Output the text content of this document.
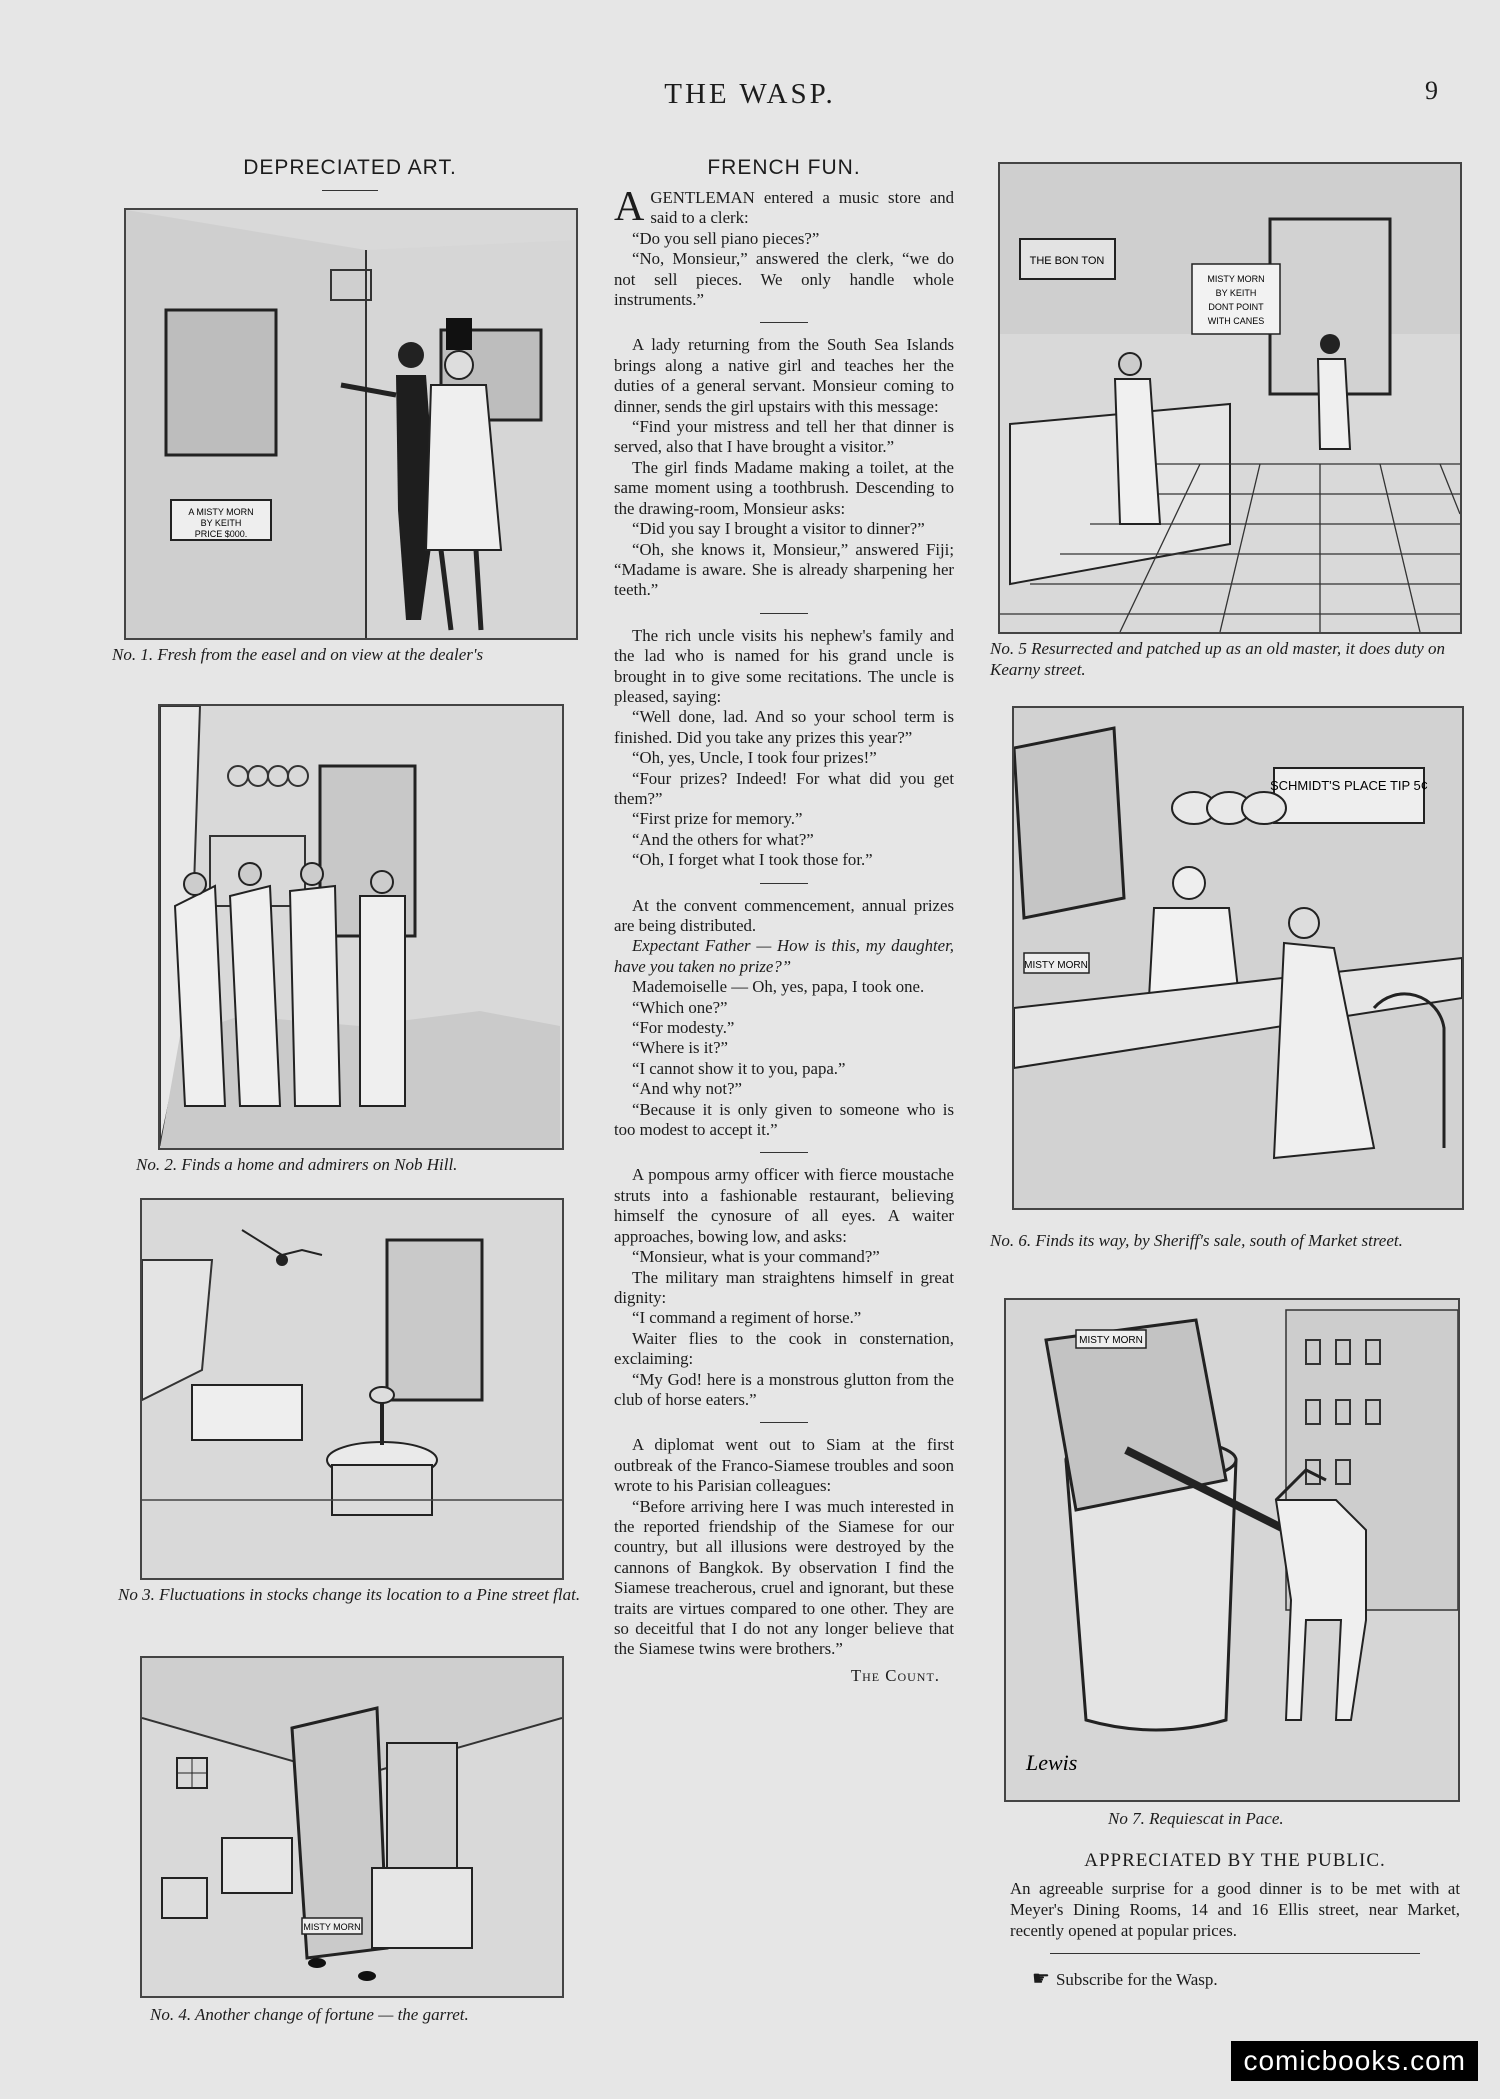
THE WASP.	9
DEPRECIATED ART.
A MISTY MORN
BY KEITH
PRICE $000.
No. 1. Fresh from the easel and on view at the dealer's
No. 2. Finds a home and admirers on Nob Hill.
No 3. Fluctuations in stocks change its location to a Pine street flat.
MISTY MORN
No. 4. Another change of fortune — the garret.
FRENCH FUN.

AGENTLEMAN entered a music store and said to a clerk:

“Do you sell piano pieces?”

“No, Monsieur,” answered the clerk, “we do not sell pieces. We only handle whole instruments.”

A lady returning from the South Sea Islands brings along a native girl and teaches her the duties of a general servant. Monsieur coming to dinner, sends the girl upstairs with this message:

“Find your mistress and tell her that dinner is served, also that I have brought a visitor.”

The girl finds Madame making a toilet, at the same moment using a toothbrush. Descending to the drawing-room, Monsieur asks:

“Did you say I brought a visitor to dinner?”

“Oh, she knows it, Monsieur,” answered Fiji; “Madame is aware. She is already sharpening her teeth.”

The rich uncle visits his nephew's family and the lad who is named for his grand uncle is brought in to give some recitations. The uncle is pleased, saying:

“Well done, lad. And so your school term is finished. Did you take any prizes this year?”

“Oh, yes, Uncle, I took four prizes!”

“Four prizes? Indeed! For what did you get them?”

“First prize for memory.”

“And the others for what?”

“Oh, I forget what I took those for.”

At the convent commencement, annual prizes are being distributed.

Expectant Father — How is this, my daughter, have you taken no prize?”

Mademoiselle — Oh, yes, papa, I took one.

“Which one?”

“For modesty.”

“Where is it?”

“I cannot show it to you, papa.”

“And why not?”

“Because it is only given to someone who is too modest to accept it.”

A pompous army officer with fierce moustache struts into a fashionable restaurant, believing himself the cynosure of all eyes. A waiter approaches, bowing low, and asks:

“Monsieur, what is your command?”

The military man straightens himself in great dignity:

“I command a regiment of horse.”

Waiter flies to the cook in consternation, exclaiming:

“My God! here is a monstrous glutton from the club of horse eaters.”

A diplomat went out to Siam at the first outbreak of the Franco-Siamese troubles and soon wrote to his Parisian colleagues:

“Before arriving here I was much interested in the reported friendship of the Siamese for our country, but all illusions were destroyed by the cannons of Bangkok. By observation I find the Siamese treacherous, cruel and ignorant, but these traits are virtues compared to one other. They are so deceitful that I do not any longer believe that the Siamese twins were brothers.”

The Count.
THE BON TON
MISTY MORN
BY KEITH
DONT POINT
WITH CANES
No. 5 Resurrected and patched up as an old master, it does duty on Kearny street.
SCHMIDT'S PLACE TIP 5¢
MISTY MORN
No. 6. Finds its way, by Sheriff's sale, south of Market street.
MISTY MORN
Lewis
No 7. Requiescat in Pace.
APPRECIATED BY THE PUBLIC.
An agreeable surprise for a good dinner is to be met with at Meyer's Dining Rooms, 14 and 16 Ellis street, near Market, recently opened at popular prices.
☛ Subscribe for the Wasp.
comicbooks.com
